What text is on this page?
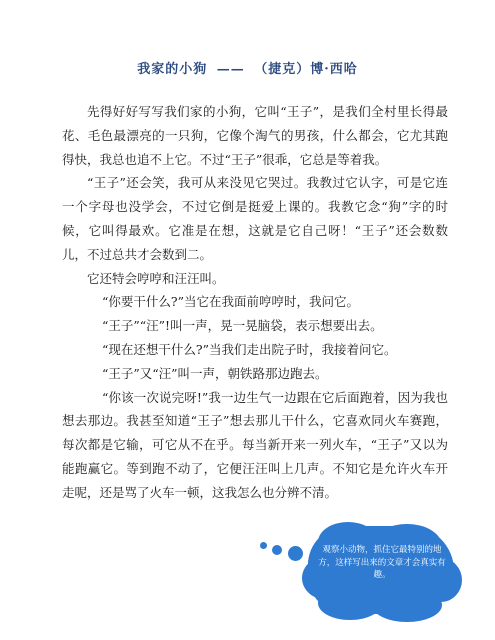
我家的小狗 —— （捷克）博·西哈

先得好好写写我们家的小狗，它叫“王子”，是我们全村里长得最花、毛色最漂亮的一只狗，它像个淘气的男孩，什么都会，它尤其跑得快，我总也追不上它。不过“王子”很乖，它总是等着我。

“王子”还会笑，我可从来没见它哭过。我教过它认字，可是它连一个字母也没学会，不过它倒是挺爱上课的。我教它念“狗”字的时候，它叫得最欢。它准是在想，这就是它自己呀！“王子”还会数数儿，不过总共才会数到二。

它还特会哼哼和汪汪叫。

“你要干什么?”当它在我面前哼哼时，我问它。

“王子”“汪”!叫一声，晃一晃脑袋，表示想要出去。

“现在还想干什么?”当我们走出院子时，我接着问它。

“王子”又“汪”叫一声，朝铁路那边跑去。

“你该一次说完呀!”我一边生气一边跟在它后面跑着，因为我也想去那边。我甚至知道“王子”想去那儿干什么，它喜欢同火车赛跑，每次都是它输，可它从不在乎。每当新开来一列火车，“王子”又以为能跑赢它。等到跑不动了，它便汪汪叫上几声。不知它是允许火车开走呢，还是骂了火车一顿，这我怎么也分辨不清。

观察小动物，抓住它最特别的地方，这样写出来的文章才会真实有趣。
